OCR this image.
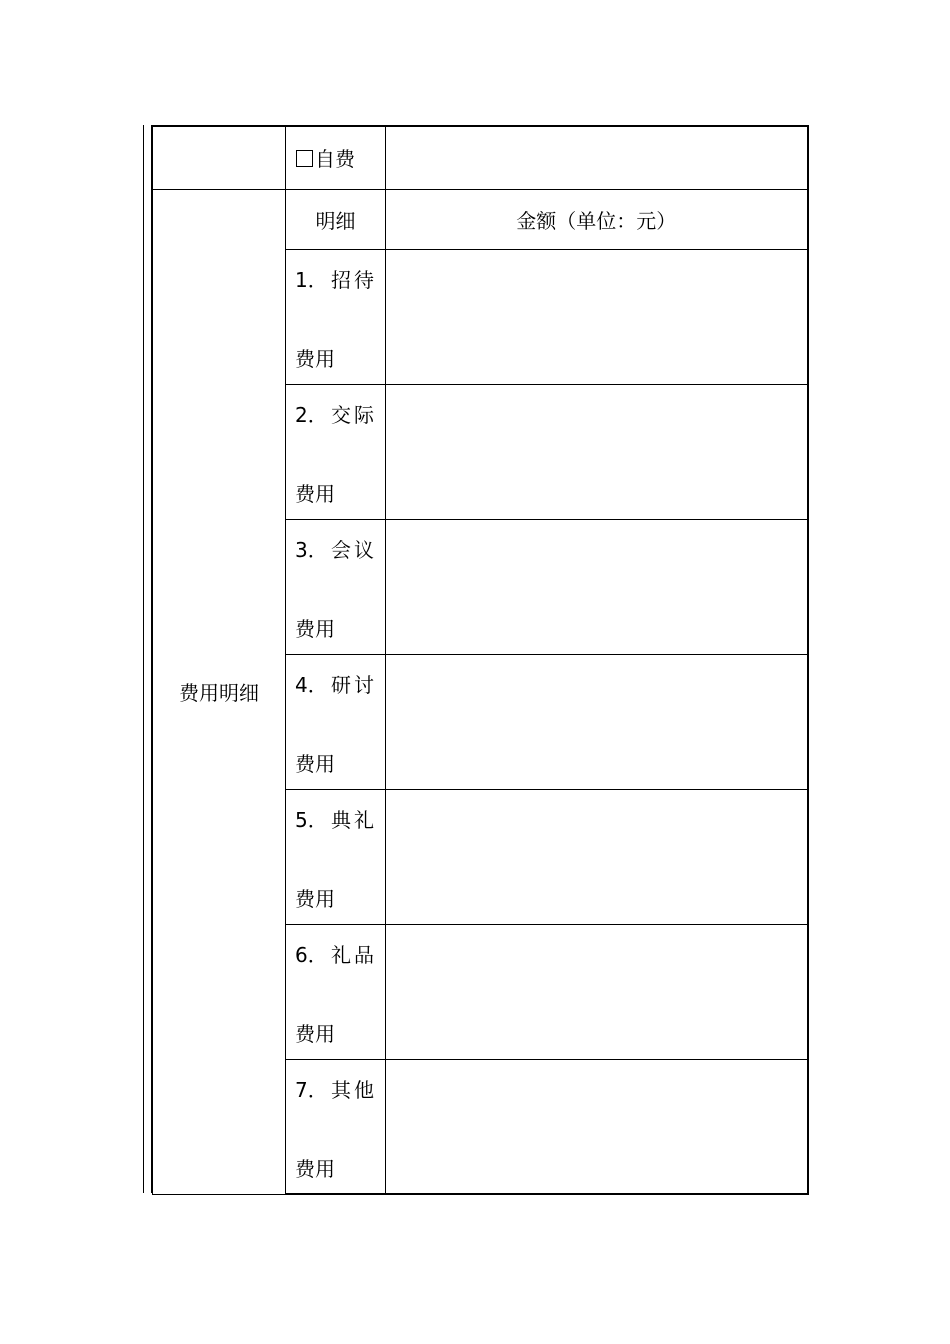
	自费	
费用明细	明细	金额（单位：元）

	1． 招待
费用	

	2． 交际
费用	

	3． 会议
费用	

	4． 研讨
费用	

	5． 典礼
费用	

	6． 礼品
费用	

	7． 其他
费用	
